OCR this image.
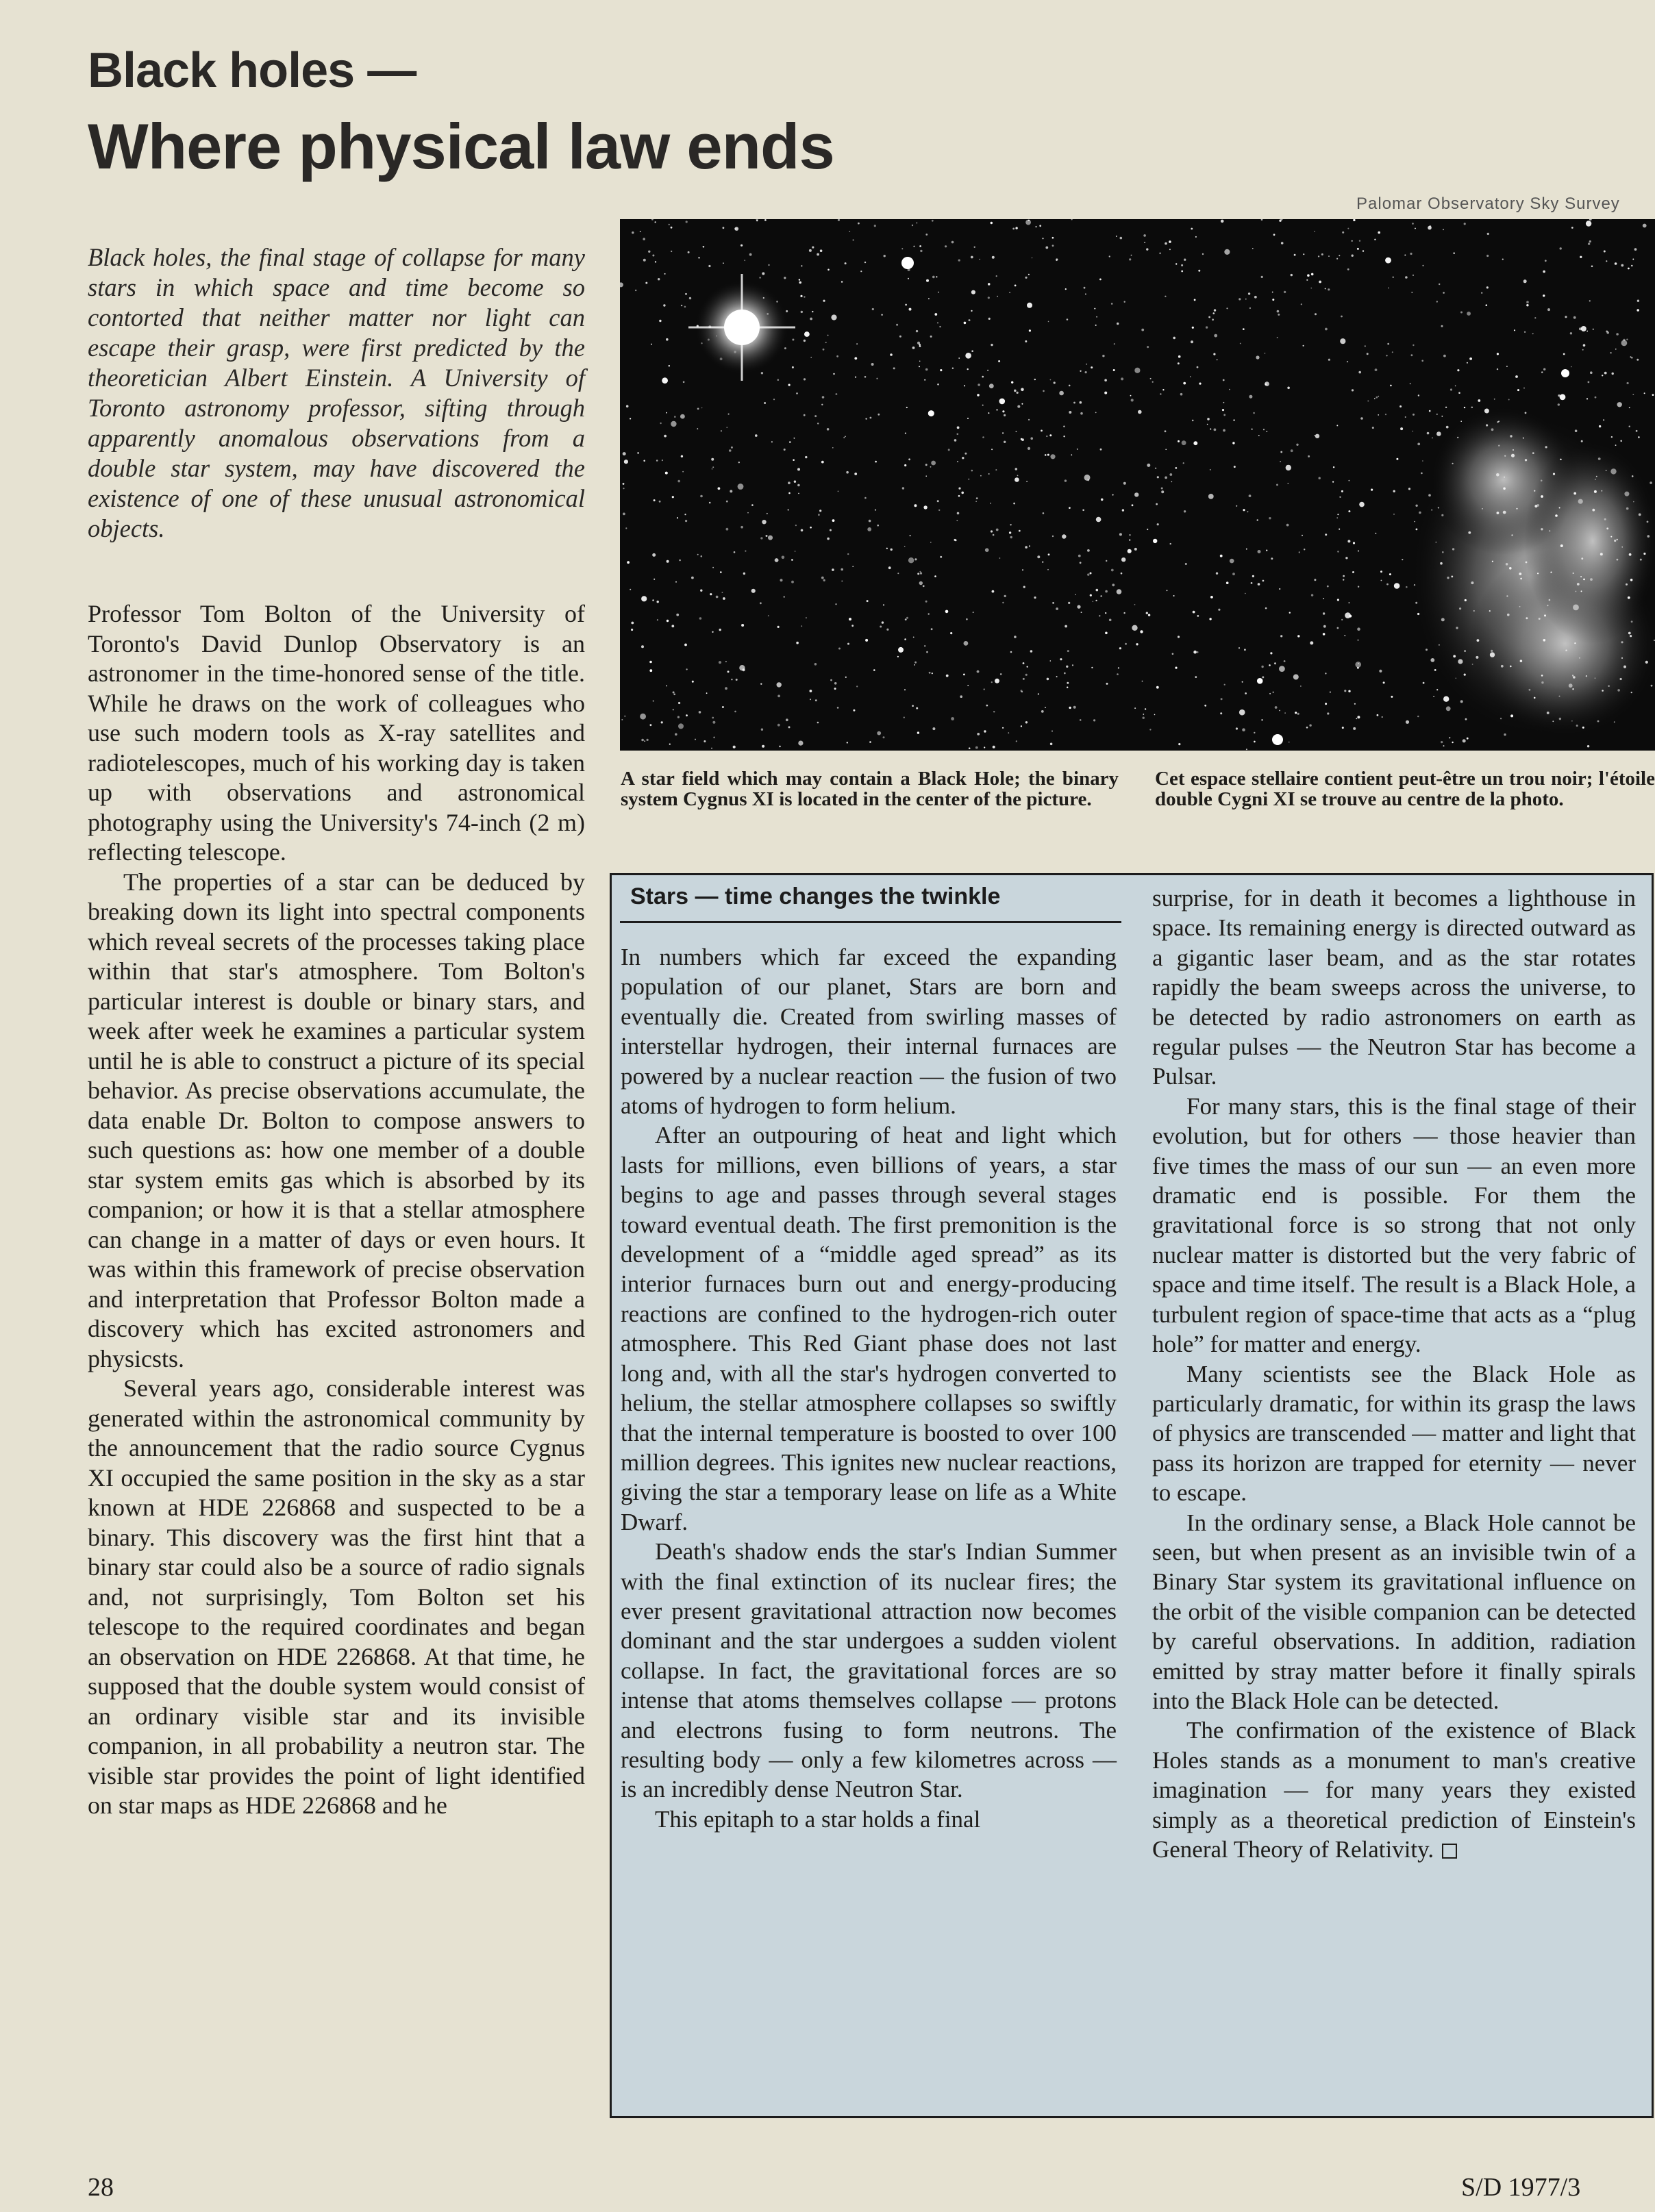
Black holes —
Where physical law ends
Palomar Observatory Sky Survey
A star field which may contain a Black Hole; the binary system Cygnus XI is located in the center of the picture.
Cet espace stellaire contient peut-être un trou noir; l'étoile double Cygni XI se trouve au centre de la photo.

Black holes, the final stage of collapse for many stars in which space and time become so contorted that neither matter nor light can escape their grasp, were first predicted by the theoretician Albert Einstein. A University of Toronto astronomy professor, sifting through apparently anomalous observations from a double star system, may have discovered the existence of one of these unusual astronomical objects.

Professor Tom Bolton of the University of Toronto's David Dunlop Observatory is an astronomer in the time-honored sense of the title. While he draws on the work of colleagues who use such modern tools as X-ray satellites and radiotelescopes, much of his working day is taken up with observations and astronomical photography using the University's 74-inch (2 m) reflecting telescope.

The properties of a star can be deduced by breaking down its light into spectral components which reveal secrets of the processes taking place within that star's atmosphere. Tom Bolton's particular interest is double or binary stars, and week after week he examines a particular system until he is able to construct a picture of its special behavior. As precise observations accumulate, the data enable Dr. Bolton to compose answers to such questions as: how one member of a double star system emits gas which is absorbed by its companion; or how it is that a stellar atmosphere can change in a matter of days or even hours. It was within this framework of precise observation and interpretation that Professor Bolton made a discovery which has excited astronomers and physicsts.

Several years ago, considerable interest was generated within the astronomical community by the announcement that the radio source Cygnus XI occupied the same position in the sky as a star known at HDE 226868 and suspected to be a binary. This discovery was the first hint that a binary star could also be a source of radio signals and, not surprisingly, Tom Bolton set his telescope to the required coordinates and began an observation on HDE 226868. At that time, he supposed that the double system would consist of an ordinary visible star and its invisible companion, in all probability a neutron star. The visible star provides the point of light identified on star maps as HDE 226868 and he

Stars — time changes the twinkle

In numbers which far exceed the expanding population of our planet, Stars are born and eventually die. Created from swirling masses of interstellar hydrogen, their internal furnaces are powered by a nuclear reaction — the fusion of two atoms of hydrogen to form helium.

After an outpouring of heat and light which lasts for millions, even billions of years, a star begins to age and passes through several stages toward eventual death. The first premonition is the development of a “middle aged spread” as its interior furnaces burn out and energy-producing reactions are confined to the hydrogen-rich outer atmosphere. This Red Giant phase does not last long and, with all the star's hydrogen converted to helium, the stellar atmosphere collapses so swiftly that the internal temperature is boosted to over 100 million degrees. This ignites new nuclear reactions, giving the star a temporary lease on life as a White Dwarf.

Death's shadow ends the star's Indian Summer with the final extinction of its nuclear fires; the ever present gravitational attraction now becomes dominant and the star undergoes a sudden violent collapse. In fact, the gravitational forces are so intense that atoms themselves collapse — protons and electrons fusing to form neutrons. The resulting body — only a few kilometres across — is an incredibly dense Neutron Star.

This epitaph to a star holds a final

surprise, for in death it becomes a lighthouse in space. Its remaining energy is directed outward as a gigantic laser beam, and as the star rotates rapidly the beam sweeps across the universe, to be detected by radio astronomers on earth as regular pulses — the Neutron Star has become a Pulsar.

For many stars, this is the final stage of their evolution, but for others — those heavier than five times the mass of our sun — an even more dramatic end is possible. For them the gravitational force is so strong that not only nuclear matter is distorted but the very fabric of space and time itself. The result is a Black Hole, a turbulent region of space-time that acts as a “plug hole” for matter and energy.

Many scientists see the Black Hole as particularly dramatic, for within its grasp the laws of physics are transcended — matter and light that pass its horizon are trapped for eternity — never to escape.

In the ordinary sense, a Black Hole cannot be seen, but when present as an invisible twin of a Binary Star system its gravitational influence on the orbit of the visible companion can be detected by careful observations. In addition, radiation emitted by stray matter before it finally spirals into the Black Hole can be detected.

The confirmation of the existence of Black Holes stands as a monument to man's creative imagination — for many years they existed simply as a theoretical prediction of Einstein's General Theory of Relativity.

28	S/D 1977/3
